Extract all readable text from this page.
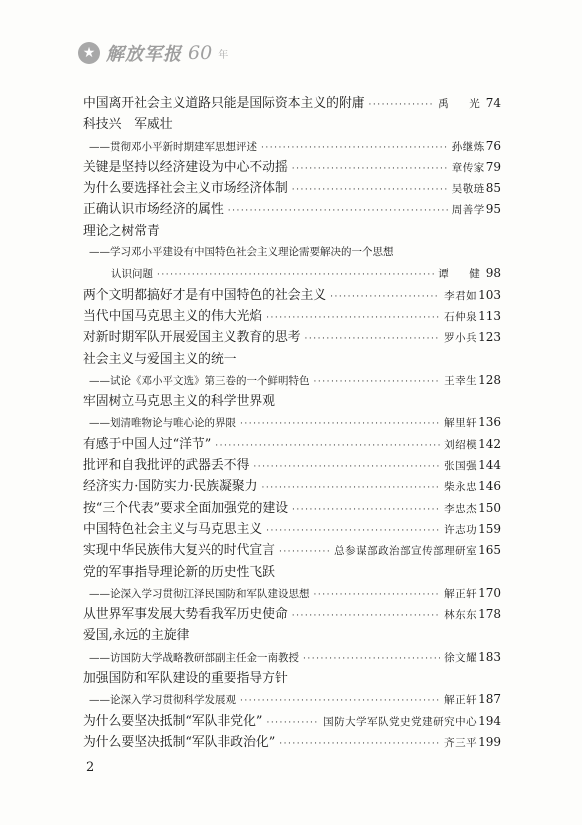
★ 解放军报 60 年
中国离开社会主义道路只能是国际资本主义的附庸 ·····	禹　光 74
科技兴　军威壮
——贯彻邓小平新时期建军思想评述 ·····	孙继炼 76
关键是坚持以经济建设为中心不动摇 ·····	章传家 79
为什么要选择社会主义市场经济体制 ·····	吴敬琏 85
正确认识市场经济的属性 ·····	周善学 95
理论之树常青
——学习邓小平建设有中国特色社会主义理论需要解决的一个思想
认识问题 ·····	谭　健 98
两个文明都搞好才是有中国特色的社会主义 ·····	李君如 103
当代中国马克思主义的伟大光焰 ·····	石仲泉 113
对新时期军队开展爱国主义教育的思考 ·····	罗小兵 123
社会主义与爱国主义的统一
——试论《邓小平文选》第三卷的一个鲜明特色 ·····	王幸生 128
牢固树立马克思主义的科学世界观
——划清唯物论与唯心论的界限 ·····	解里轩 136
有感于中国人过“洋节” ·····	刘绍模 142
批评和自我批评的武器丢不得 ·····	张国强 144
经济实力·国防实力·民族凝聚力 ·····	柴永忠 146
按“三个代表”要求全面加强党的建设 ·····	李忠杰 150
中国特色社会主义与马克思主义 ·····	许志功 159
实现中华民族伟大复兴的时代宣言 ·····	总参谋部政治部宣传部理研室 165
党的军事指导理论新的历史性飞跃
——论深入学习贯彻江泽民国防和军队建设思想 ·····	解正轩 170
从世界军事发展大势看我军历史使命 ·····	林东东 178
爱国,永远的主旋律
——访国防大学战略教研部副主任金一南教授 ·····	徐文耀 183
加强国防和军队建设的重要指导方针
——论深入学习贯彻科学发展观 ·····	解正轩 187
为什么要坚决抵制“军队非党化” ·····	国防大学军队党史党建研究中心 194
为什么要坚决抵制“军队非政治化” ·····	齐三平 199
2
